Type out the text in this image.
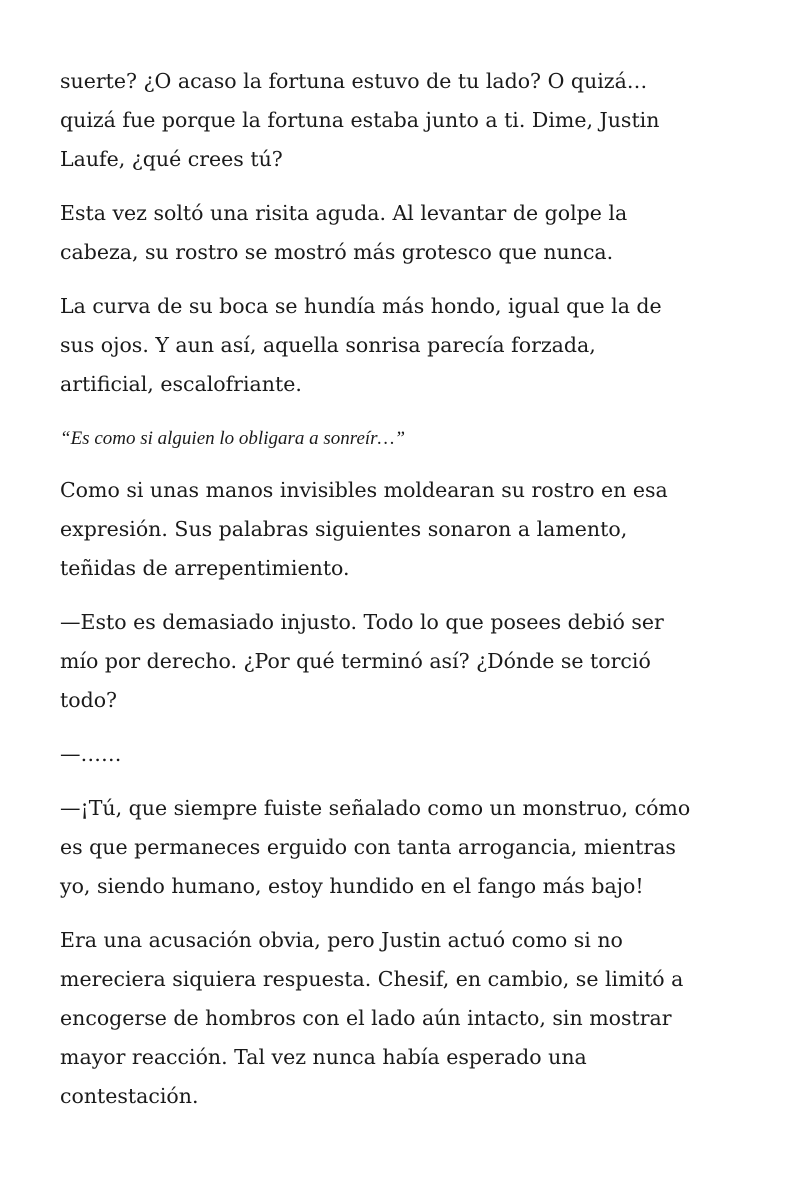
suerte? ¿O acaso la fortuna estuvo de tu lado? O quizá…
quizá fue porque la fortuna estaba junto a ti. Dime, Justin
Laufe, ¿qué crees tú?

Esta vez soltó una risita aguda. Al levantar de golpe la
cabeza, su rostro se mostró más grotesco que nunca.

La curva de su boca se hundía más hondo, igual que la de
sus ojos. Y aun así, aquella sonrisa parecía forzada,
artificial, escalofriante.

“Es como si alguien lo obligara a sonreír…”

Como si unas manos invisibles moldearan su rostro en esa
expresión. Sus palabras siguientes sonaron a lamento,
teñidas de arrepentimiento.

—Esto es demasiado injusto. Todo lo que posees debió ser
mío por derecho. ¿Por qué terminó así? ¿Dónde se torció
todo?

—……

—¡Tú, que siempre fuiste señalado como un monstruo, cómo
es que permaneces erguido con tanta arrogancia, mientras
yo, siendo humano, estoy hundido en el fango más bajo!

Era una acusación obvia, pero Justin actuó como si no
mereciera siquiera respuesta. Chesif, en cambio, se limitó a
encogerse de hombros con el lado aún intacto, sin mostrar
mayor reacción. Tal vez nunca había esperado una
contestación.
